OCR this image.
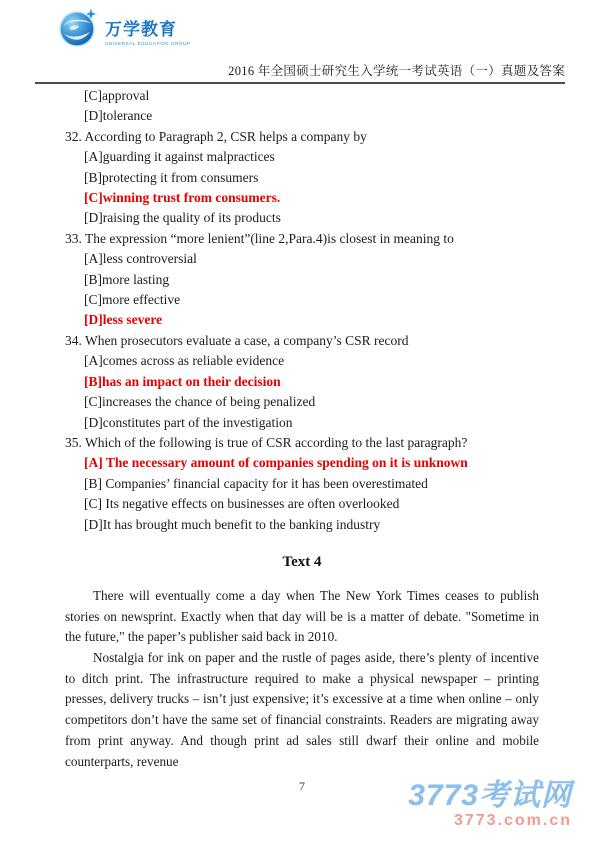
万学教育
UNIVERSAL EDUCATION GROUP
2016 年全国硕士研究生入学统一考试英语（一）真题及答案
[C]approval
[D]tolerance
32. According to Paragraph 2, CSR helps a company by
[A]guarding it against malpractices
[B]protecting it from consumers
[C]winning trust from consumers.
[D]raising the quality of its products
33. The expression “more lenient”(line 2,Para.4)is closest in meaning to
[A]less controversial
[B]more lasting
[C]more effective
[D]less severe
34. When prosecutors evaluate a case, a company’s CSR record
[A]comes across as reliable evidence
[B]has an impact on their decision
[C]increases the chance of being penalized
[D]constitutes part of the investigation
35. Which of the following is true of CSR according to the last paragraph?
[A] The necessary amount of companies spending on it is unknown
[B] Companies’ financial capacity for it has been overestimated
[C] Its negative effects on businesses are often overlooked
[D]It has brought much benefit to the banking industry
Text 4

There will eventually come a day when The New York Times ceases to publish stories on newsprint. Exactly when that day will be is a matter of debate. "Sometime in the future," the paper’s publisher said back in 2010.

Nostalgia for ink on paper and the rustle of pages aside, there’s plenty of incentive to ditch print. The infrastructure required to make a physical newspaper – printing presses, delivery trucks – isn’t just expensive; it’s excessive at a time when online – only competitors don’t have the same set of financial constraints. Readers are migrating away from print anyway. And though print ad sales still dwarf their online and mobile counterparts, revenue

7	3773考试网
3773.com.cn
